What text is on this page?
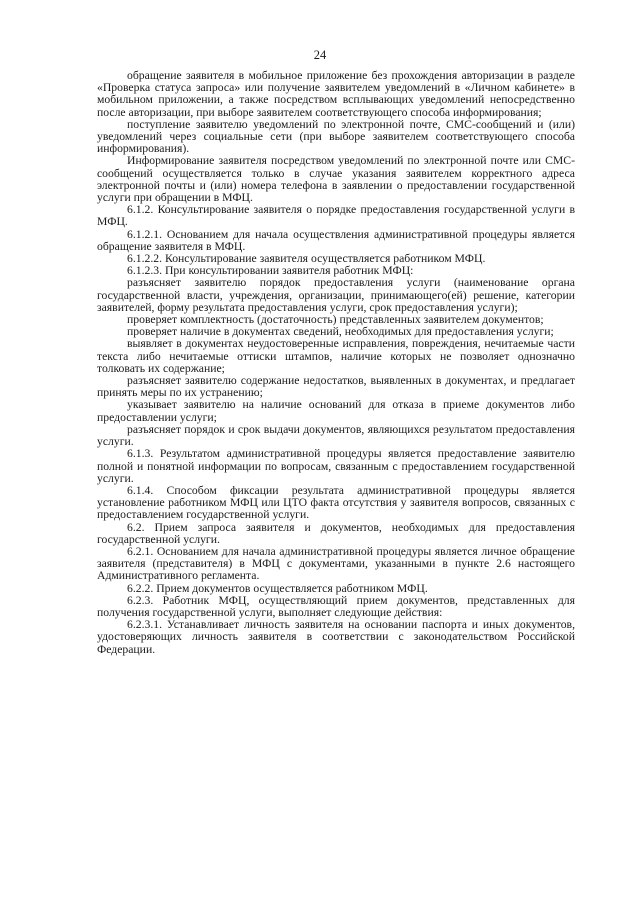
24

обращение заявителя в мобильное приложение без прохождения авторизации в разделе «Проверка статуса запроса» или получение заявителем уведомлений в «Личном кабинете» в мобильном приложении, а также посредством всплывающих уведомлений непосредственно после авторизации, при выборе заявителем соответствующего способа информирования;

поступление заявителю уведомлений по электронной почте, СМС-сообщений и (или) уведомлений через социальные сети (при выборе заявителем соответствующего способа информирования).

Информирование заявителя посредством уведомлений по электронной почте или СМС-сообщений осуществляется только в случае указания заявителем корректного адреса электронной почты и (или) номера телефона в заявлении о предоставлении государственной услуги при обращении в МФЦ.

6.1.2. Консультирование заявителя о порядке предоставления государственной услуги в МФЦ.

6.1.2.1. Основанием для начала осуществления административной процедуры является обращение заявителя в МФЦ.

6.1.2.2. Консультирование заявителя осуществляется работником МФЦ.

6.1.2.3. При консультировании заявителя работник МФЦ:

разъясняет заявителю порядок предоставления услуги (наименование органа государственной власти, учреждения, организации, принимающего(ей) решение, категории заявителей, форму результата предоставления услуги, срок предоставления услуги);

проверяет комплектность (достаточность) представленных заявителем документов;

проверяет наличие в документах сведений, необходимых для предоставления услуги;

выявляет в документах неудостоверенные исправления, повреждения, нечитаемые части текста либо нечитаемые оттиски штампов, наличие которых не позволяет однозначно толковать их содержание;

разъясняет заявителю содержание недостатков, выявленных в документах, и предлагает принять меры по их устранению;

указывает заявителю на наличие оснований для отказа в приеме документов либо предоставлении услуги;

разъясняет порядок и срок выдачи документов, являющихся результатом предоставления услуги.

6.1.3. Результатом административной процедуры является предоставление заявителю полной и понятной информации по вопросам, связанным с предоставлением государственной услуги.

6.1.4. Способом фиксации результата административной процедуры является установление работником МФЦ или ЦТО факта отсутствия у заявителя вопросов, связанных с предоставлением государственной услуги.

6.2. Прием запроса заявителя и документов, необходимых для предоставления государственной услуги.

6.2.1. Основанием для начала административной процедуры является личное обращение заявителя (представителя) в МФЦ с документами, указанными в пункте 2.6 настоящего Административного регламента.

6.2.2. Прием документов осуществляется работником МФЦ.

6.2.3. Работник МФЦ, осуществляющий прием документов, представленных для получения государственной услуги, выполняет следующие действия:

6.2.3.1. Устанавливает личность заявителя на основании паспорта и иных документов, удостоверяющих личность заявителя в соответствии с законодательством Российской Федерации.
